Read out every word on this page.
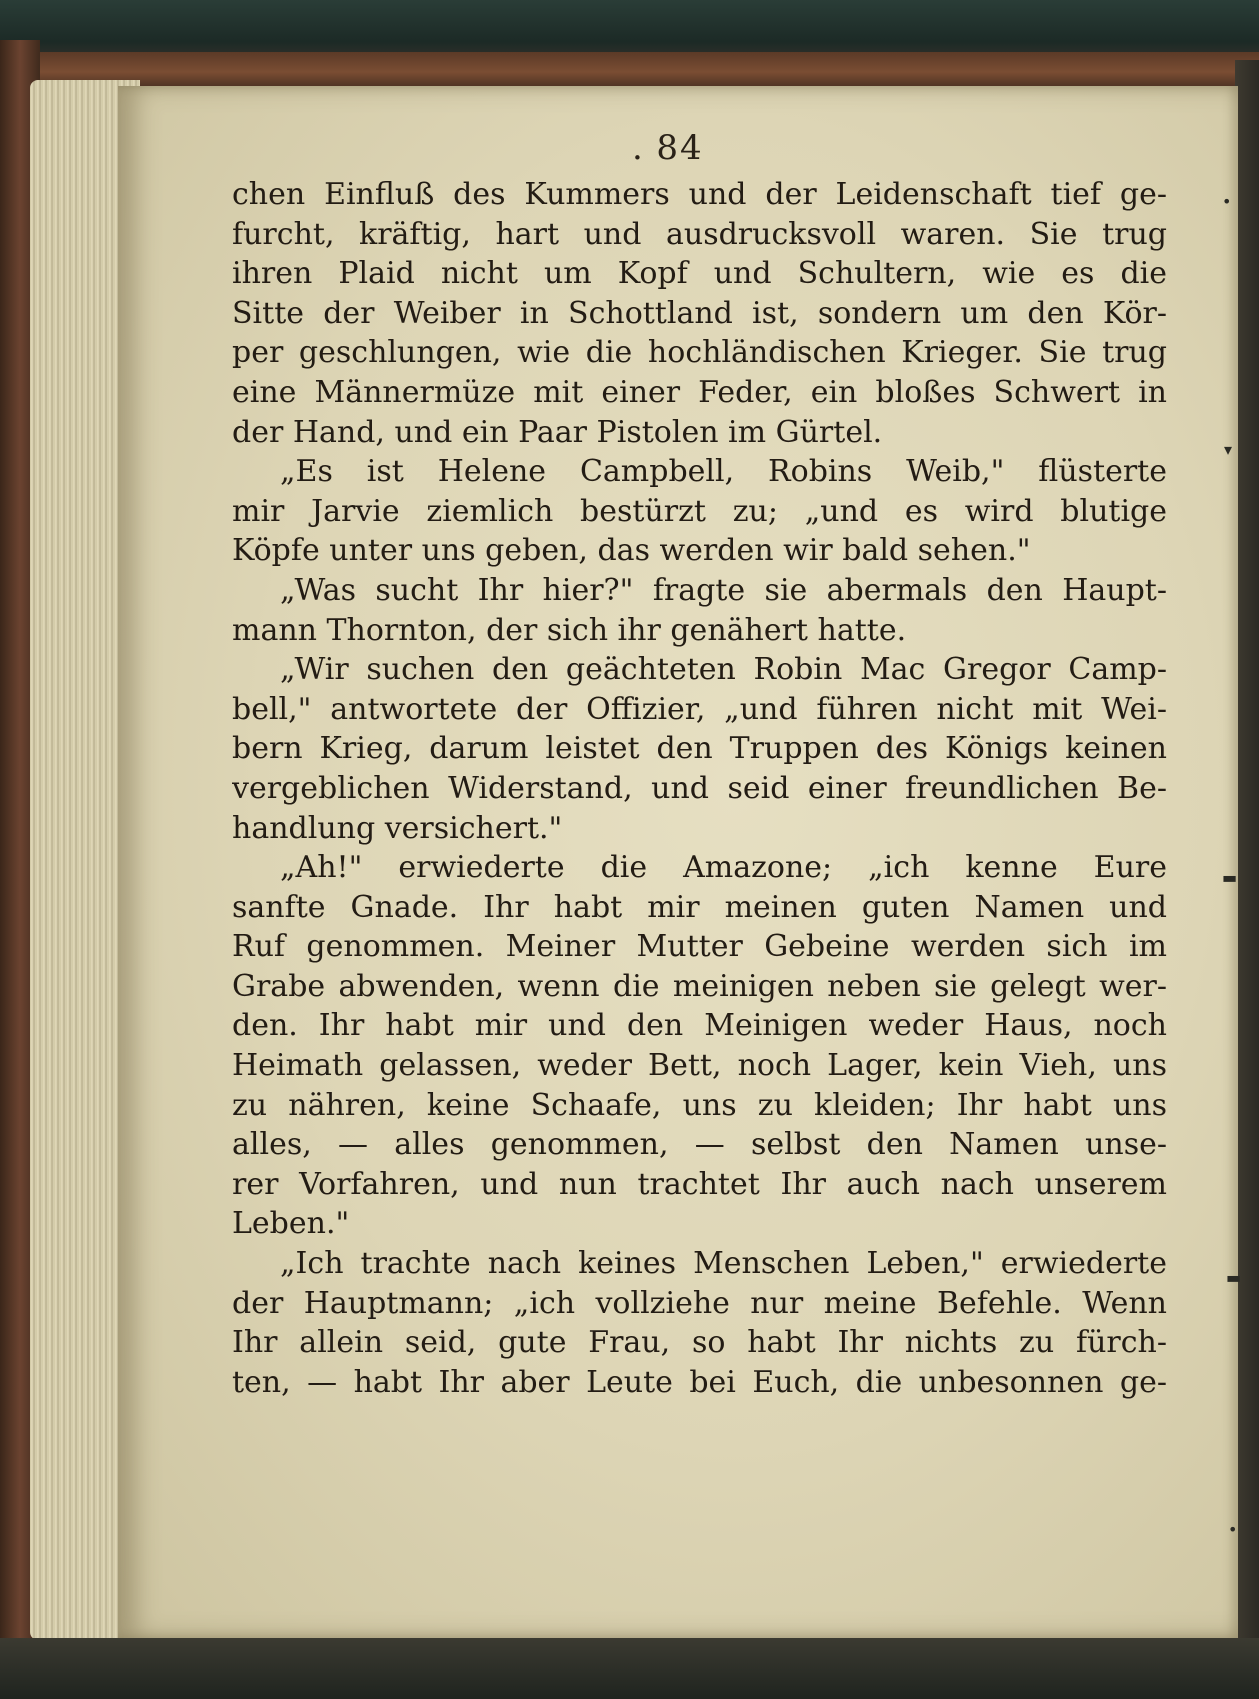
. 84
chen Einfluß des Kummers und der Leidenschaft tief ge-
furcht, kräftig, hart und ausdrucksvoll waren. Sie trug
ihren Plaid nicht um Kopf und Schultern, wie es die
Sitte der Weiber in Schottland ist, sondern um den Kör-
per geschlungen, wie die hochländischen Krieger. Sie trug
eine Männermüze mit einer Feder, ein bloßes Schwert in
der Hand, und ein Paar Pistolen im Gürtel.
„Es ist Helene Campbell, Robins Weib," flüsterte
mir Jarvie ziemlich bestürzt zu; „und es wird blutige
Köpfe unter uns geben, das werden wir bald sehen."
„Was sucht Ihr hier?" fragte sie abermals den Haupt-
mann Thornton, der sich ihr genähert hatte.
„Wir suchen den geächteten Robin Mac Gregor Camp-
bell," antwortete der Offizier, „und führen nicht mit Wei-
bern Krieg, darum leistet den Truppen des Königs keinen
vergeblichen Widerstand, und seid einer freundlichen Be-
handlung versichert."
„Ah!" erwiederte die Amazone; „ich kenne Eure
sanfte Gnade. Ihr habt mir meinen guten Namen und
Ruf genommen. Meiner Mutter Gebeine werden sich im
Grabe abwenden, wenn die meinigen neben sie gelegt wer-
den. Ihr habt mir und den Meinigen weder Haus, noch
Heimath gelassen, weder Bett, noch Lager, kein Vieh, uns
zu nähren, keine Schaafe, uns zu kleiden; Ihr habt uns
alles, — alles genommen, — selbst den Namen unse-
rer Vorfahren, und nun trachtet Ihr auch nach unserem
Leben."
„Ich trachte nach keines Menschen Leben," erwiederte
der Hauptmann; „ich vollziehe nur meine Befehle. Wenn
Ihr allein seid, gute Frau, so habt Ihr nichts zu fürch-
ten, — habt Ihr aber Leute bei Euch, die unbesonnen ge-
•
▾
▬
▬
•
